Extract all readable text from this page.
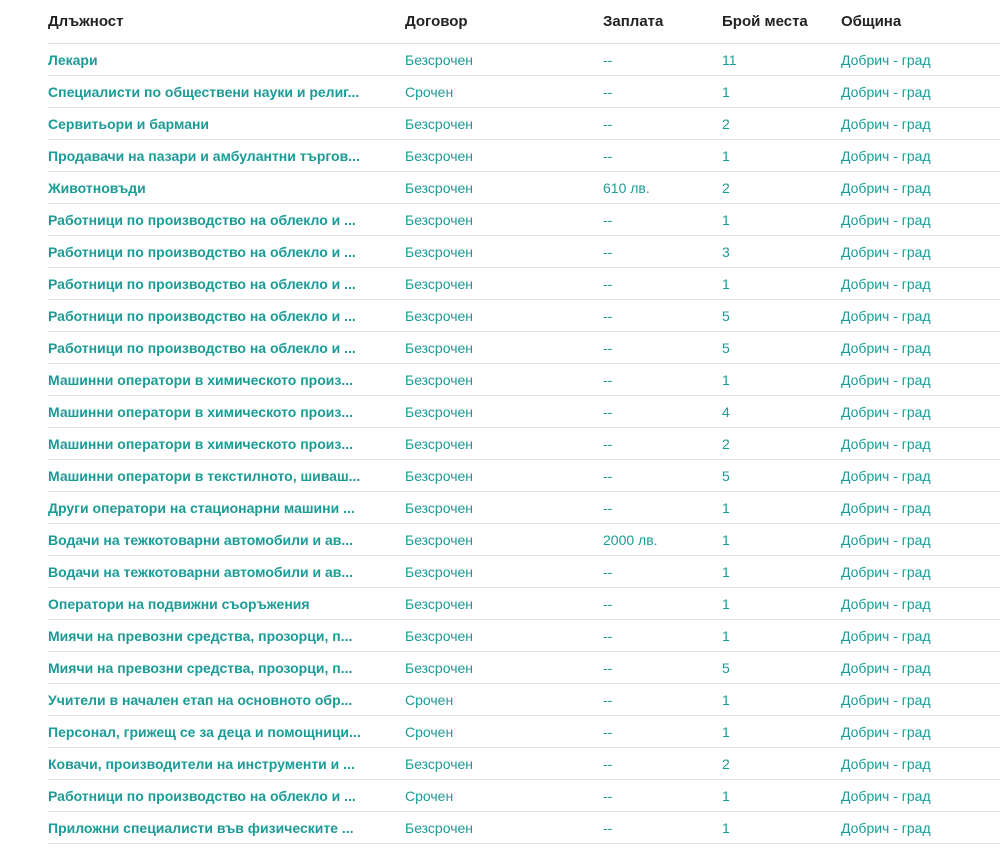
Длъжност	Договор	Заплата	Брой места	Община

Лекари	Безсрочен	--	11	Добрич - град

Специалисти по обществени науки и религ...	Срочен	--	1	Добрич - град

Сервитьори и бармани	Безсрочен	--	2	Добрич - град

Продавачи на пазари и амбулантни търгов...	Безсрочен	--	1	Добрич - град

Животновъди	Безсрочен	610 лв.	2	Добрич - град

Работници по производство на облекло и ...	Безсрочен	--	1	Добрич - град

Работници по производство на облекло и ...	Безсрочен	--	3	Добрич - град

Работници по производство на облекло и ...	Безсрочен	--	1	Добрич - град

Работници по производство на облекло и ...	Безсрочен	--	5	Добрич - град

Работници по производство на облекло и ...	Безсрочен	--	5	Добрич - град

Машинни оператори в химическото произ...	Безсрочен	--	1	Добрич - град

Машинни оператори в химическото произ...	Безсрочен	--	4	Добрич - град

Машинни оператори в химическото произ...	Безсрочен	--	2	Добрич - град

Машинни оператори в текстилното, шиваш...	Безсрочен	--	5	Добрич - град

Други оператори на стационарни машини ...	Безсрочен	--	1	Добрич - град

Водачи на тежкотоварни автомобили и ав...	Безсрочен	2000 лв.	1	Добрич - град

Водачи на тежкотоварни автомобили и ав...	Безсрочен	--	1	Добрич - град

Оператори на подвижни съоръжения	Безсрочен	--	1	Добрич - град

Миячи на превозни средства, прозорци, п...	Безсрочен	--	1	Добрич - град

Миячи на превозни средства, прозорци, п...	Безсрочен	--	5	Добрич - град

Учители в начален етап на основното обр...	Срочен	--	1	Добрич - град

Персонал, грижещ се за деца и помощници...	Срочен	--	1	Добрич - град

Ковачи, производители на инструменти и ...	Безсрочен	--	2	Добрич - град

Работници по производство на облекло и ...	Срочен	--	1	Добрич - град

Приложни специалисти във физическите ...	Безсрочен	--	1	Добрич - град
